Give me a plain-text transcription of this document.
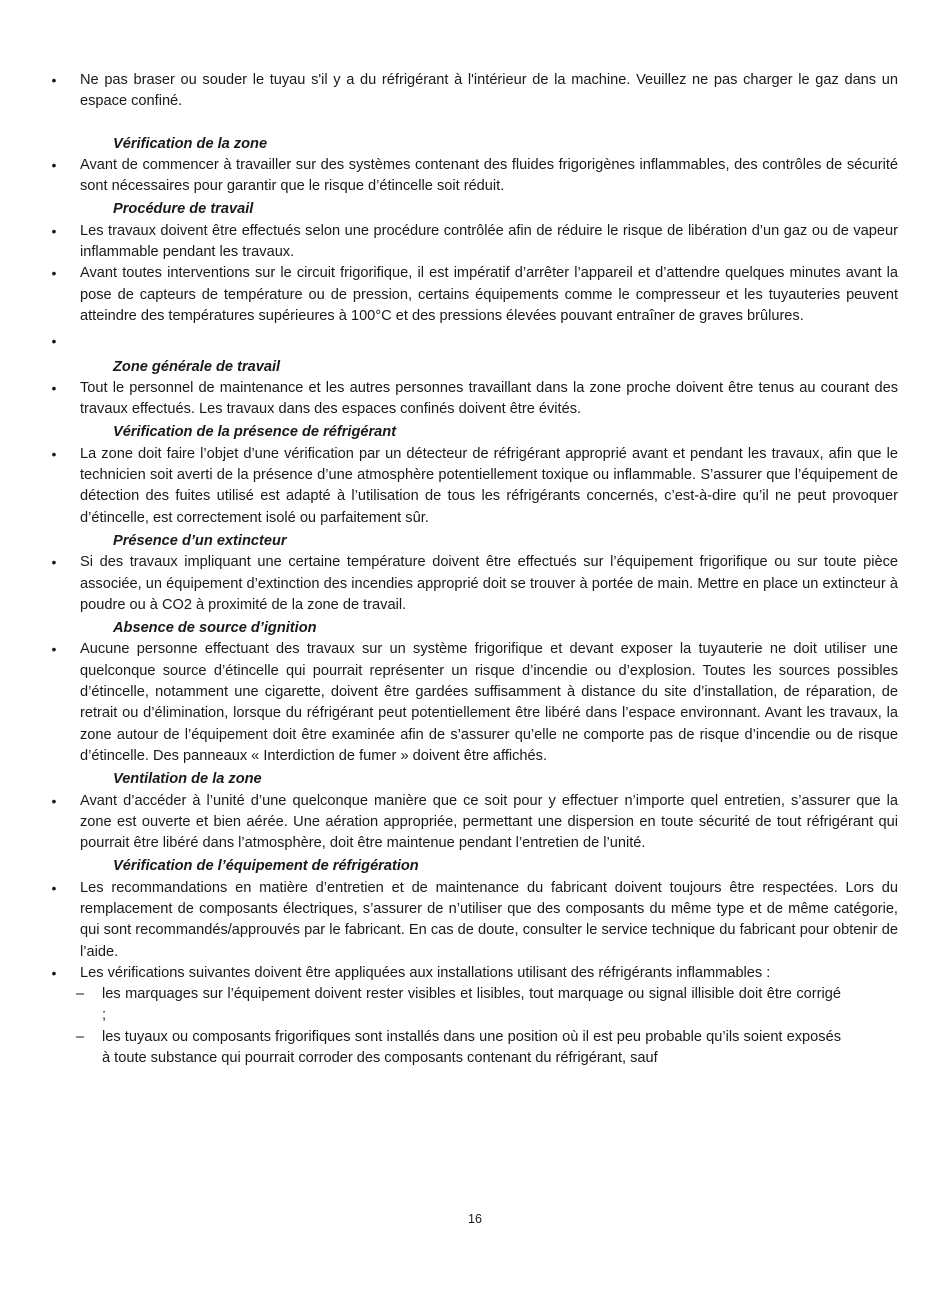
• Ne pas braser ou souder le tuyau s'il y a du réfrigérant à l'intérieur de la machine. Veuillez ne pas charger le gaz dans un espace confiné.
Vérification de la zone
• Avant de commencer à travailler sur des systèmes contenant des fluides frigorigènes inflammables, des contrôles de sécurité sont nécessaires pour garantir que le risque d’étincelle soit réduit.
Procédure de travail
• Les travaux doivent être effectués selon une procédure contrôlée afin de réduire le risque de libération d’un gaz ou de vapeur inflammable pendant les travaux.
• Avant toutes interventions sur le circuit frigorifique, il est impératif d’arrêter l’appareil et d’attendre quelques minutes avant la pose de capteurs de température ou de pression, certains équipements comme le compresseur et les tuyauteries peuvent atteindre des températures supérieures à 100°C et des pressions élevées pouvant entraîner de graves brûlures.
•
Zone générale de travail
• Tout le personnel de maintenance et les autres personnes travaillant dans la zone proche doivent être tenus au courant des travaux effectués. Les travaux dans des espaces confinés doivent être évités.
Vérification de la présence de réfrigérant
• La zone doit faire l’objet d’une vérification par un détecteur de réfrigérant approprié avant et pendant les travaux, afin que le technicien soit averti de la présence d’une atmosphère potentiellement toxique ou inflammable. S’assurer que l’équipement de détection des fuites utilisé est adapté à l’utilisation de tous les réfrigérants concernés, c’est-à-dire qu’il ne peut provoquer d’étincelle, est correctement isolé ou parfaitement sûr.
Présence d’un extincteur
• Si des travaux impliquant une certaine température doivent être effectués sur l’équipement frigorifique ou sur toute pièce associée, un équipement d’extinction des incendies approprié doit se trouver à portée de main. Mettre en place un extincteur à poudre ou à CO2 à proximité de la zone de travail.
Absence de source d’ignition
• Aucune personne effectuant des travaux sur un système frigorifique et devant exposer la tuyauterie ne doit utiliser une quelconque source d’étincelle qui pourrait représenter un risque d’incendie ou d’explosion. Toutes les sources possibles d’étincelle, notamment une cigarette, doivent être gardées suffisamment à distance du site d’installation, de réparation, de retrait ou d’élimination, lorsque du réfrigérant peut potentiellement être libéré dans l’espace environnant. Avant les travaux, la zone autour de l’équipement doit être examinée afin de s’assurer qu’elle ne comporte pas de risque d’incendie ou de risque d’étincelle. Des panneaux « Interdiction de fumer » doivent être affichés.
Ventilation de la zone
• Avant d’accéder à l’unité d’une quelconque manière que ce soit pour y effectuer n’importe quel entretien, s’assurer que la zone est ouverte et bien aérée. Une aération appropriée, permettant une dispersion en toute sécurité de tout réfrigérant qui pourrait être libéré dans l’atmosphère, doit être maintenue pendant l’entretien de l’unité.
Vérification de l’équipement de réfrigération
• Les recommandations en matière d’entretien et de maintenance du fabricant doivent toujours être respectées. Lors du remplacement de composants électriques, s’assurer de n’utiliser que des composants du même type et de même catégorie, qui sont recommandés/approuvés par le fabricant. En cas de doute, consulter le service technique du fabricant pour obtenir de l’aide.
• Les vérifications suivantes doivent être appliquées aux installations utilisant des réfrigérants inflammables :
– les marquages sur l’équipement doivent rester visibles et lisibles, tout marquage ou signal illisible doit être corrigé ;
– les tuyaux ou composants frigorifiques sont installés dans une position où il est peu probable qu’ils soient exposés à toute substance qui pourrait corroder des composants contenant du réfrigérant, sauf
16
